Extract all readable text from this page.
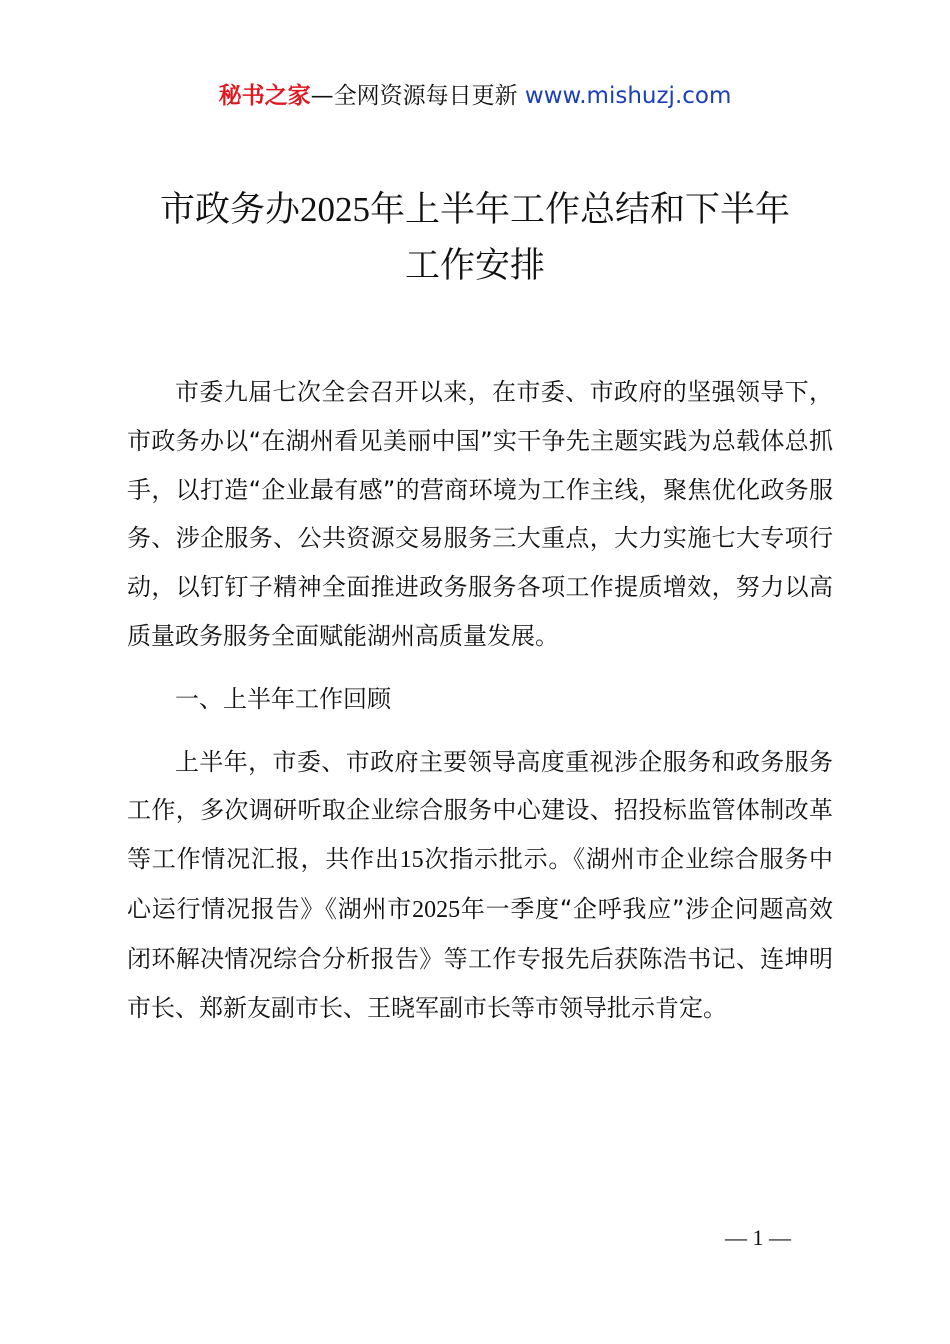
秘书之家—全网资源每日更新 www.mishuzj.com
市政务办2025年上半年工作总结和下半年
工作安排

市委九届七次全会召开以来，在市委、市政府的坚强领导下，市政务办以“在湖州看见美丽中国”实干争先主题实践为总载体总抓手，以打造“企业最有感”的营商环境为工作主线，聚焦优化政务服务、涉企服务、公共资源交易服务三大重点，大力实施七大专项行动，以钉钉子精神全面推进政务服务各项工作提质增效，努力以高质量政务服务全面赋能湖州高质量发展。

一、上半年工作回顾

上半年，市委、市政府主要领导高度重视涉企服务和政务服务工作，多次调研听取企业综合服务中心建设、招投标监管体制改革等工作情况汇报，共作出15次指示批示。《湖州市企业综合服务中心运行情况报告》《湖州市2025年一季度“企呼我应”涉企问题高效闭环解决情况综合分析报告》等工作专报先后获陈浩书记、连坤明市长、郑新友副市长、王晓军副市长等市领导批示肯定。

— 1 —
